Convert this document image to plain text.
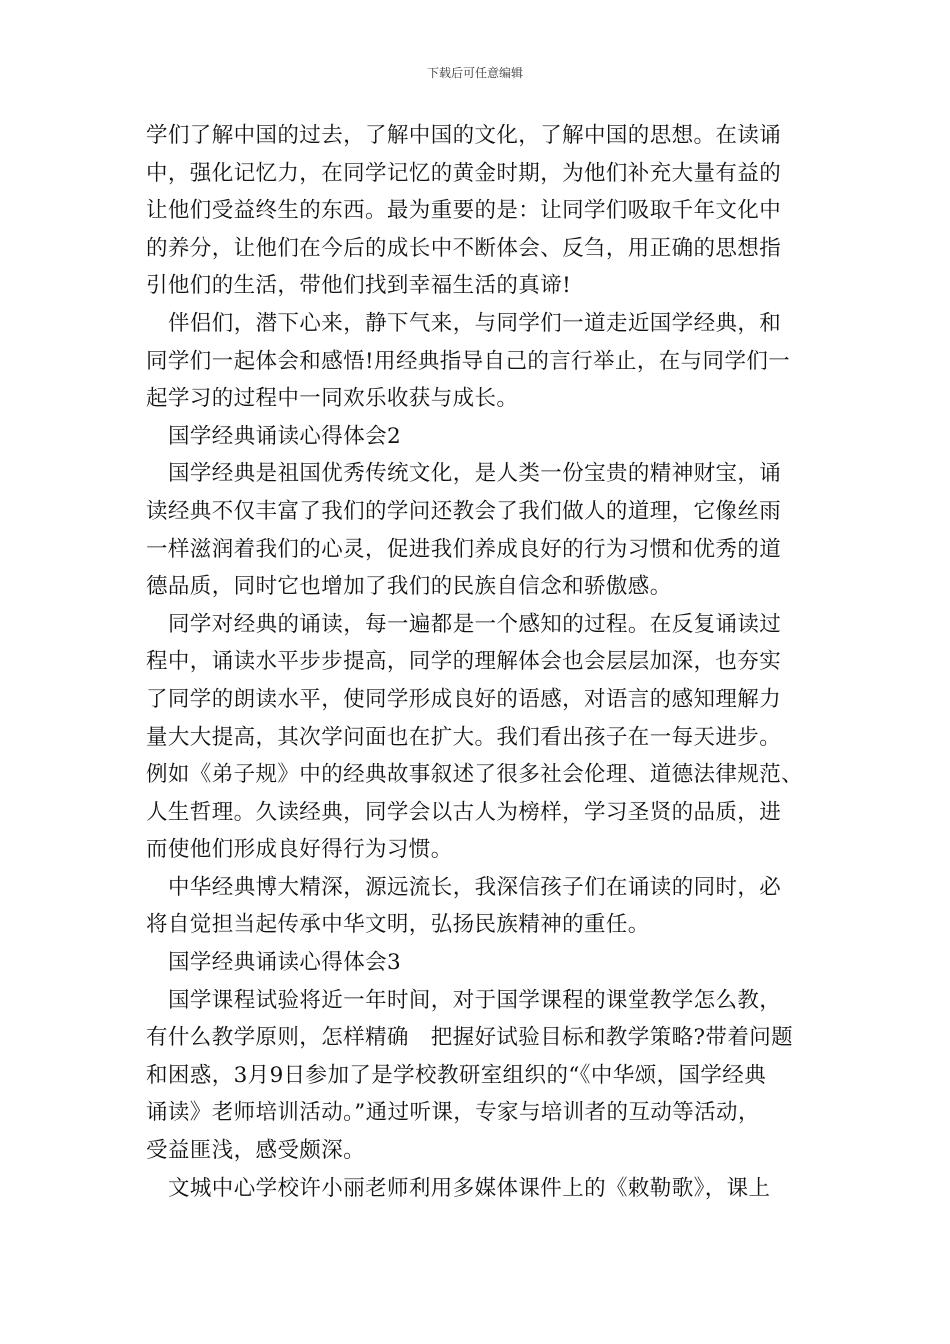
下载后可任意编辑
学们了解中国的过去，了解中国的文化，了解中国的思想。在读诵
中，强化记忆力，在同学记忆的黄金时期，为他们补充大量有益的
让他们受益终生的东西。最为重要的是：让同学们吸取千年文化中
的养分，让他们在今后的成长中不断体会、反刍，用正确的思想指
引他们的生活，带他们找到幸福生活的真谛!
伴侣们，潜下心来，静下气来，与同学们一道走近国学经典，和
同学们一起体会和感悟!用经典指导自己的言行举止，在与同学们一
起学习的过程中一同欢乐收获与成长。
国学经典诵读心得体会2
国学经典是祖国优秀传统文化，是人类一份宝贵的精神财宝，诵
读经典不仅丰富了我们的学问还教会了我们做人的道理，它像丝雨
一样滋润着我们的心灵，促进我们养成良好的行为习惯和优秀的道
德品质，同时它也增加了我们的民族自信念和骄傲感。
同学对经典的诵读，每一遍都是一个感知的过程。在反复诵读过
程中，诵读水平步步提高，同学的理解体会也会层层加深，也夯实
了同学的朗读水平，使同学形成良好的语感，对语言的感知理解力
量大大提高，其次学问面也在扩大。我们看出孩子在一每天进步。
例如《弟子规》中的经典故事叙述了很多社会伦理、道德法律规范、
人生哲理。久读经典，同学会以古人为榜样，学习圣贤的品质，进
而使他们形成良好得行为习惯。
中华经典博大精深，源远流长，我深信孩子们在诵读的同时，必
将自觉担当起传承中华文明，弘扬民族精神的重任。
国学经典诵读心得体会3
国学课程试验将近一年时间，对于国学课程的课堂教学怎么教，
有什么教学原则，怎样精确　把握好试验目标和教学策略?带着问题
和困惑，3月9日参加了是学校教研室组织的“《中华颂，国学经典
诵读》老师培训活动。”通过听课，专家与培训者的互动等活动，
受益匪浅，感受颇深。
文城中心学校许小丽老师利用多媒体课件上的《敕勒歌》，课上
